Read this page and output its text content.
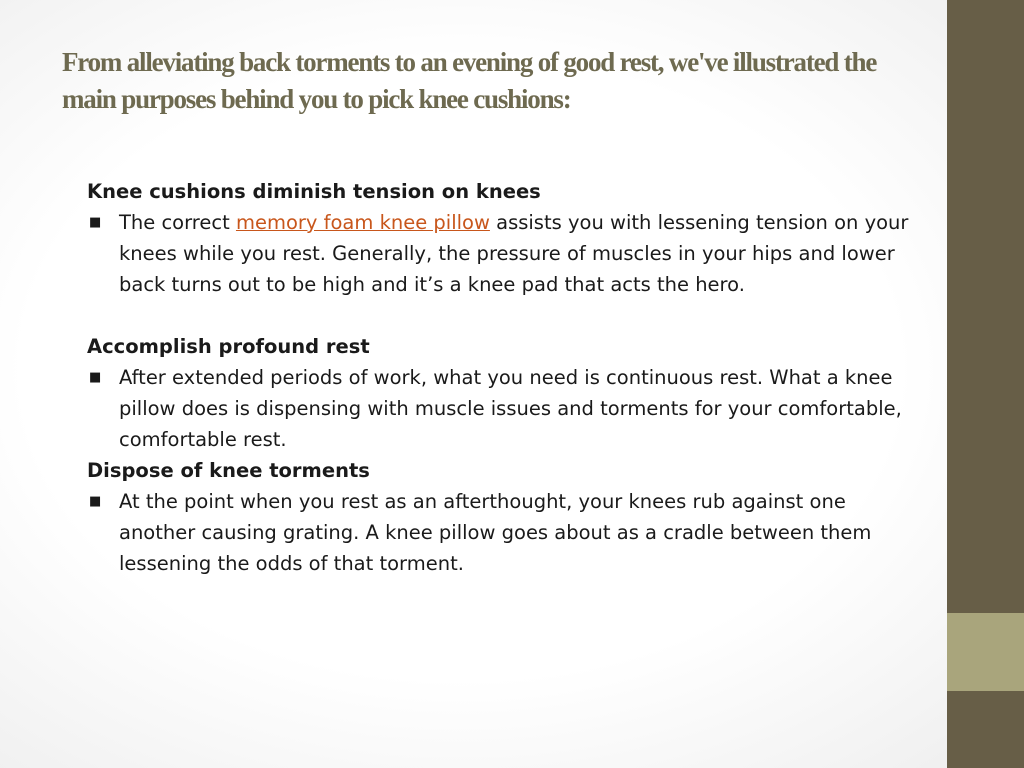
From alleviating back torments to an evening of good rest, we've illustrated the main purposes behind you to pick knee cushions:

Knee cushions diminish tension on knees

■ The correct memory foam knee pillow assists you with lessening tension on your knees while you rest. Generally, the pressure of muscles in your hips and lower back turns out to be high and it’s a knee pad that acts the hero.

Accomplish profound rest

■ After extended periods of work, what you need is continuous rest. What a knee pillow does is dispensing with muscle issues and torments for your comfortable, comfortable rest.

Dispose of knee torments

■ At the point when you rest as an afterthought, your knees rub against one another causing grating. A knee pillow goes about as a cradle between them lessening the odds of that torment.
